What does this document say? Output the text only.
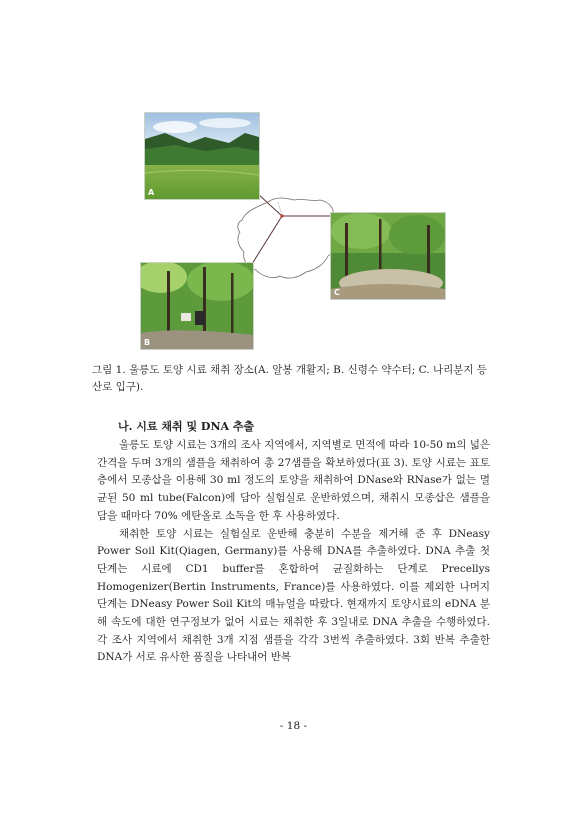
A
C
B
그림 1. 울릉도 토양 시료 채취 장소(A. 알봉 개활지; B. 신령수 약수터; C. 나리분지 등산로 입구).
나. 시료 채취 및 DNA 추출

울릉도 토양 시료는 3개의 조사 지역에서, 지역별로 면적에 따라 10-50 m의 넓은 간격을 두며 3개의 샘플을 채취하여 총 27샘플을 확보하였다(표 3). 토양 시료는 표토층에서 모종삽을 이용해 30 ml 정도의 토양을 채취하여 DNase와 RNase가 없는 멸균된 50 ml tube(Falcon)에 담아 실험실로 운반하였으며, 채취시 모종삽은 샘플을 담을 때마다 70% 에탄올로 소독을 한 후 사용하였다.

채취한 토양 시료는 실험실로 운반해 충분히 수분을 제거해 준 후 DNeasy Power Soil Kit(Qiagen, Germany)를 사용해 DNA를 추출하였다. DNA 추출 첫 단계는 시료에 CD1 buffer를 혼합하여 균질화하는 단계로 Precellys Homogenizer(Bertin Instruments, France)를 사용하였다. 이를 제외한 나머지 단계는 DNeasy Power Soil Kit의 매뉴얼을 따랐다. 현재까지 토양시료의 eDNA 분해 속도에 대한 연구정보가 없어 시료는 채취한 후 3일내로 DNA 추출을 수행하였다. 각 조사 지역에서 채취한 3개 지점 샘플을 각각 3번씩 추출하였다. 3회 반복 추출한 DNA가 서로 유사한 품질을 나타내어 반복

- 18 -
